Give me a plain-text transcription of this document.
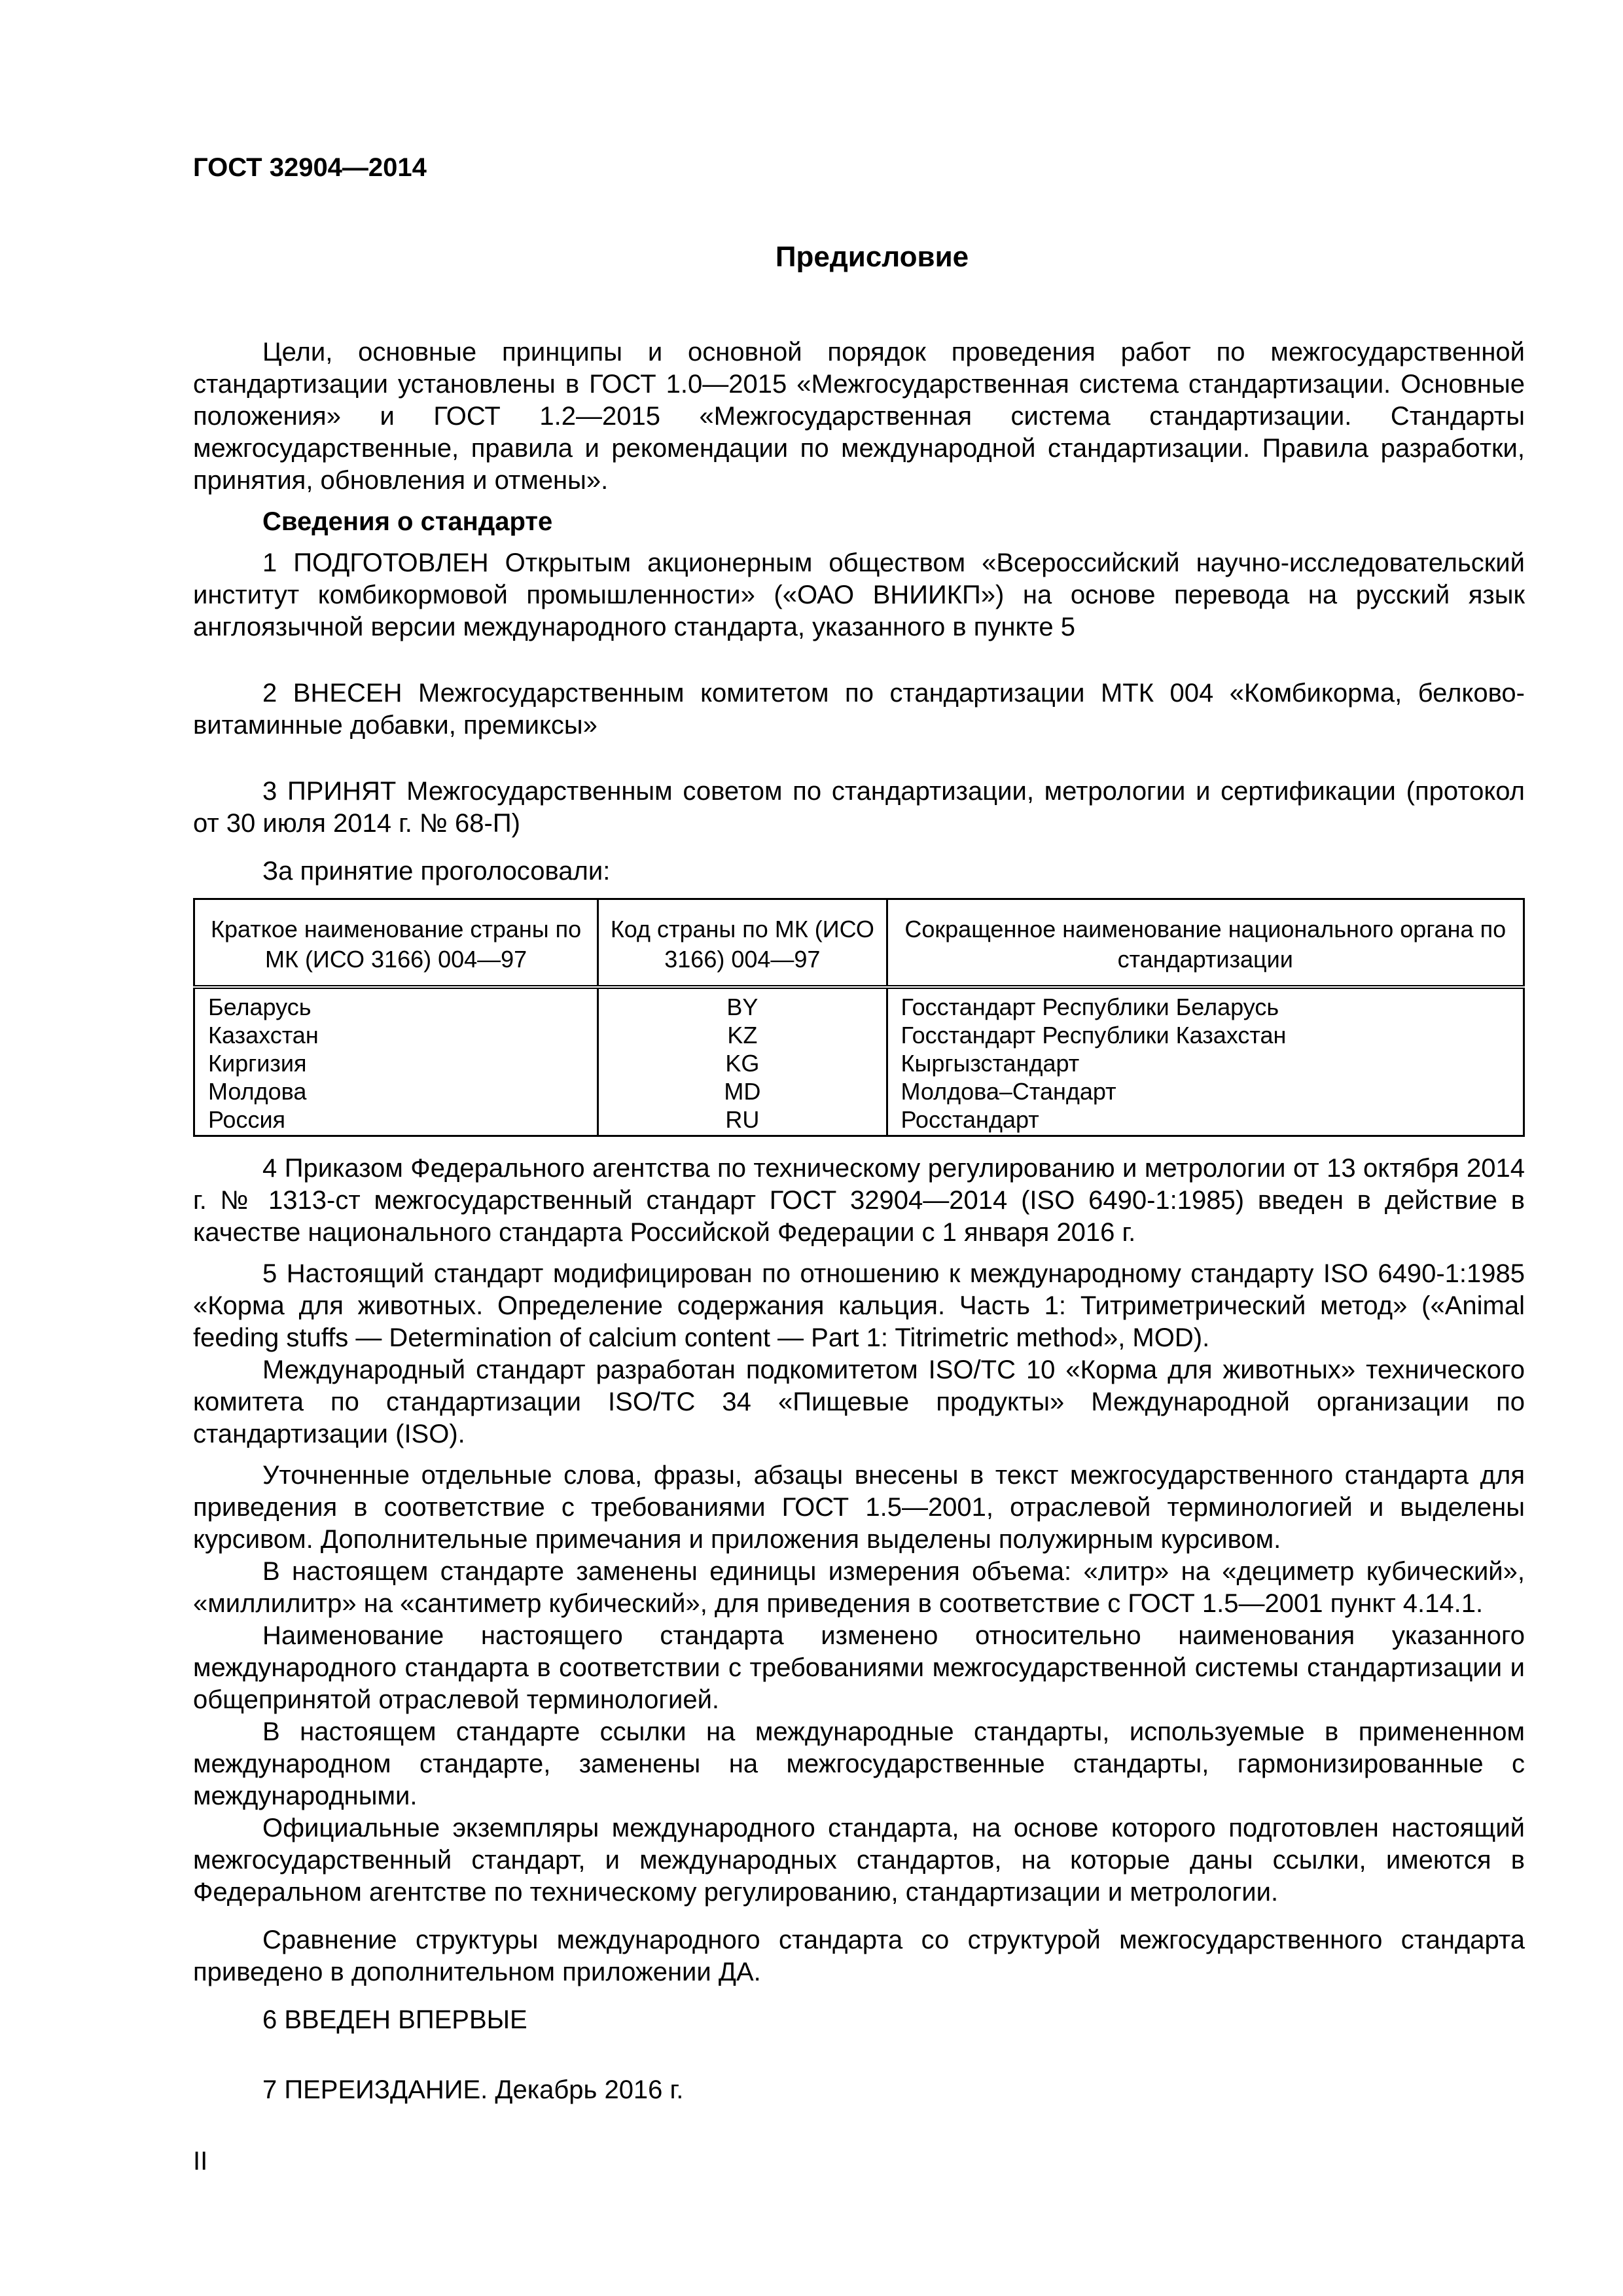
ГОСТ 32904—2014
Предисловие

Цели, основные принципы и основной порядок проведения работ по межгосударственной стандартизации установлены в ГОСТ 1.0—2015 «Межгосударственная система стандартизации. Основные положения» и ГОСТ 1.2—2015 «Межгосударственная система стандартизации. Стандарты межгосударственные, правила и рекомендации по международной стандартизации. Правила разработки, принятия, обновления и отмены».

Сведения о стандарте

1 ПОДГОТОВЛЕН Открытым акционерным обществом «Всероссийский научно-исследовательский институт комбикормовой промышленности» («ОАО ВНИИКП») на основе перевода на русский язык англоязычной версии международного стандарта, указанного в пункте 5

2 ВНЕСЕН Межгосударственным комитетом по стандартизации МТК 004 «Комбикорма, белково-витаминные добавки, премиксы»

3 ПРИНЯТ Межгосударственным советом по стандартизации, метрологии и сертификации (протокол от 30 июля 2014 г. № 68-П)

За принятие проголосовали:

Краткое наименование страны по МК (ИСО 3166) 004—97	Код страны по МК (ИСО 3166) 004—97	Сокращенное наименование национального органа по стандартизации
Беларусь	BY	Госстандарт Республики Беларусь
Казахстан	KZ	Госстандарт Республики Казахстан
Киргизия	KG	Кыргызстандарт
Молдова	MD	Молдова–Стандарт
Россия	RU	Росстандарт

4 Приказом Федерального агентства по техническому регулированию и метрологии от 13 октября 2014 г. № 1313-ст межгосударственный стандарт ГОСТ 32904—2014 (ISO 6490-1:1985) введен в действие в качестве национального стандарта Российской Федерации с 1 января 2016 г.

5 Настоящий стандарт модифицирован по отношению к международному стандарту ISO 6490-1:1985 «Корма для животных. Определение содержания кальция. Часть 1: Титриметрический метод» («Animal feeding stuffs — Determination of calcium content — Part 1: Titrimetric method», MOD).

Международный стандарт разработан подкомитетом ISO/TC 10 «Корма для животных» технического комитета по стандартизации ISO/TC 34 «Пищевые продукты» Международной организации по стандартизации (ISO).

Уточненные отдельные слова, фразы, абзацы внесены в текст межгосударственного стандарта для приведения в соответствие с требованиями ГОСТ 1.5—2001, отраслевой терминологией и выделены курсивом. Дополнительные примечания и приложения выделены полужирным курсивом.

В настоящем стандарте заменены единицы измерения объема: «литр» на «дециметр кубический», «миллилитр» на «сантиметр кубический», для приведения в соответствие с ГОСТ 1.5—2001 пункт 4.14.1.

Наименование настоящего стандарта изменено относительно наименования указанного международного стандарта в соответствии с требованиями межгосударственной системы стандартизации и общепринятой отраслевой терминологией.

В настоящем стандарте ссылки на международные стандарты, используемые в примененном международном стандарте, заменены на межгосударственные стандарты, гармонизированные с международными.

Официальные экземпляры международного стандарта, на основе которого подготовлен настоящий межгосударственный стандарт, и международных стандартов, на которые даны ссылки, имеются в Федеральном агентстве по техническому регулированию, стандартизации и метрологии.

Сравнение структуры международного стандарта со структурой межгосударственного стандарта приведено в дополнительном приложении ДА.

6 ВВЕДЕН ВПЕРВЫЕ

7 ПЕРЕИЗДАНИЕ. Декабрь 2016 г.

II
